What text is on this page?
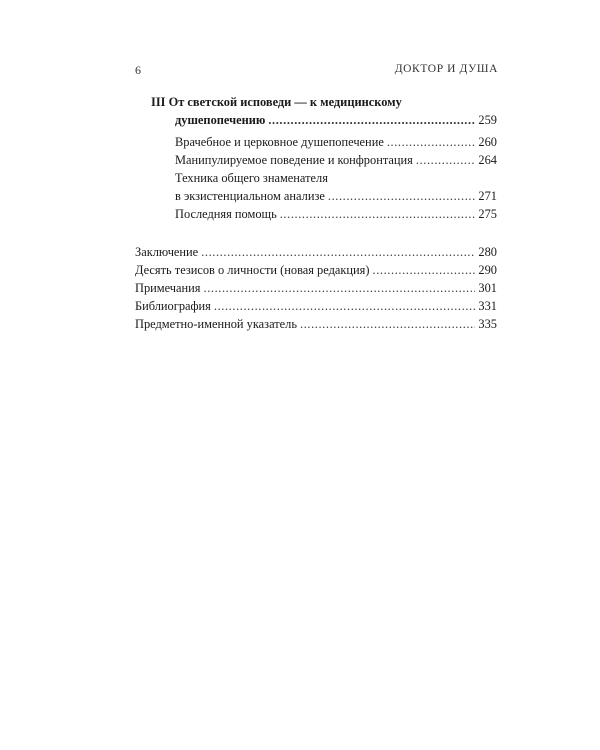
6	ДОКТОР И ДУША
III От светской исповеди — к медицинскому
душепопечению .....	259
Врачебное и церковное душепопечение .....	260
Манипулируемое поведение и конфронтация .....	264
Техника общего знаменателя
в экзистенциальном анализе .....	271
Последняя помощь .....	275
Заключение .....	280
Десять тезисов о личности (новая редакция) .....	290
Примечания .....	301
Библиография .....	331
Предметно-именной указатель .....	335
